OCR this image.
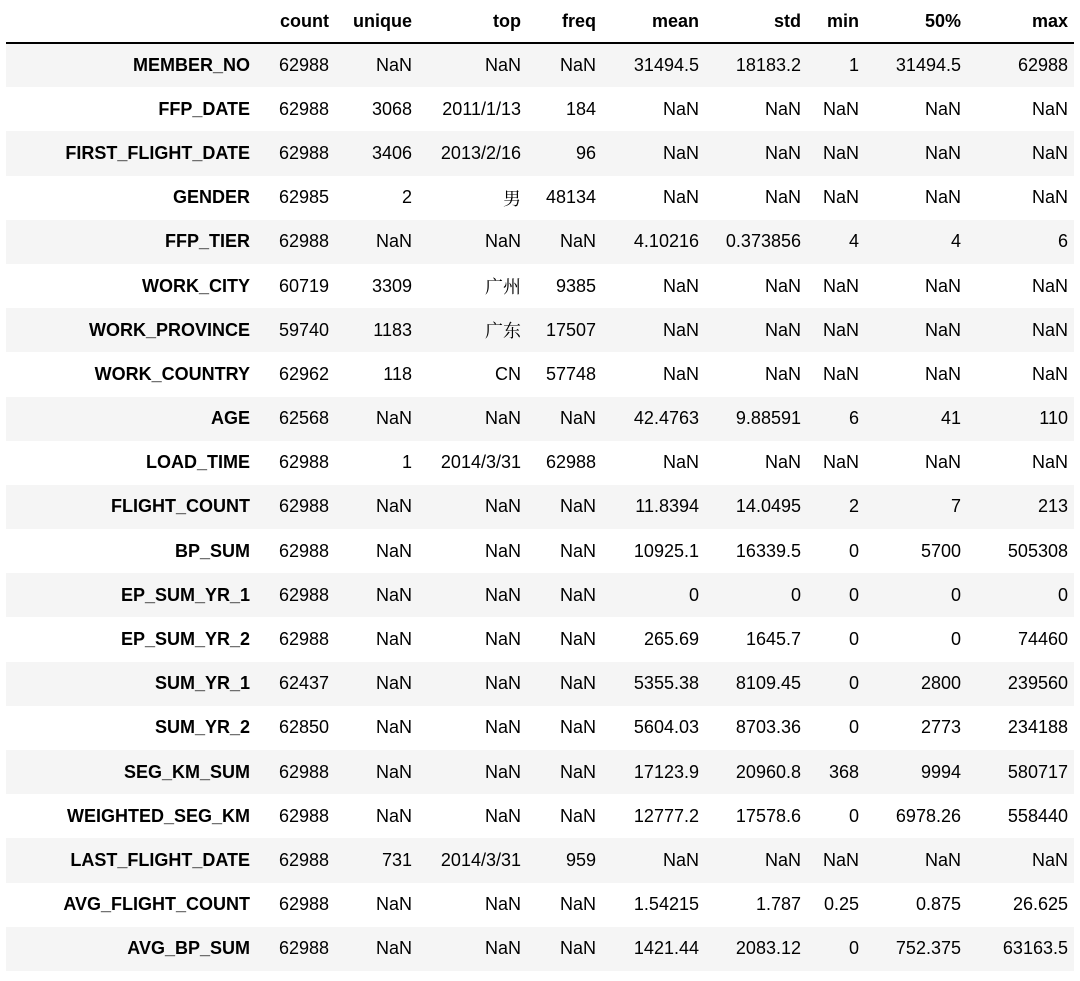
	count	unique	top	freq	mean	std	min	50%	max
MEMBER_NO	62988	NaN	NaN	NaN	31494.5	18183.2	1	31494.5	62988
FFP_DATE	62988	3068	2011/1/13	184	NaN	NaN	NaN	NaN	NaN
FIRST_FLIGHT_DATE	62988	3406	2013/2/16	96	NaN	NaN	NaN	NaN	NaN
GENDER	62985	2	男	48134	NaN	NaN	NaN	NaN	NaN
FFP_TIER	62988	NaN	NaN	NaN	4.10216	0.373856	4	4	6
WORK_CITY	60719	3309	广州	9385	NaN	NaN	NaN	NaN	NaN
WORK_PROVINCE	59740	1183	广东	17507	NaN	NaN	NaN	NaN	NaN
WORK_COUNTRY	62962	118	CN	57748	NaN	NaN	NaN	NaN	NaN
AGE	62568	NaN	NaN	NaN	42.4763	9.88591	6	41	110
LOAD_TIME	62988	1	2014/3/31	62988	NaN	NaN	NaN	NaN	NaN
FLIGHT_COUNT	62988	NaN	NaN	NaN	11.8394	14.0495	2	7	213
BP_SUM	62988	NaN	NaN	NaN	10925.1	16339.5	0	5700	505308
EP_SUM_YR_1	62988	NaN	NaN	NaN	0	0	0	0	0
EP_SUM_YR_2	62988	NaN	NaN	NaN	265.69	1645.7	0	0	74460
SUM_YR_1	62437	NaN	NaN	NaN	5355.38	8109.45	0	2800	239560
SUM_YR_2	62850	NaN	NaN	NaN	5604.03	8703.36	0	2773	234188
SEG_KM_SUM	62988	NaN	NaN	NaN	17123.9	20960.8	368	9994	580717
WEIGHTED_SEG_KM	62988	NaN	NaN	NaN	12777.2	17578.6	0	6978.26	558440
LAST_FLIGHT_DATE	62988	731	2014/3/31	959	NaN	NaN	NaN	NaN	NaN
AVG_FLIGHT_COUNT	62988	NaN	NaN	NaN	1.54215	1.787	0.25	0.875	26.625
AVG_BP_SUM	62988	NaN	NaN	NaN	1421.44	2083.12	0	752.375	63163.5
